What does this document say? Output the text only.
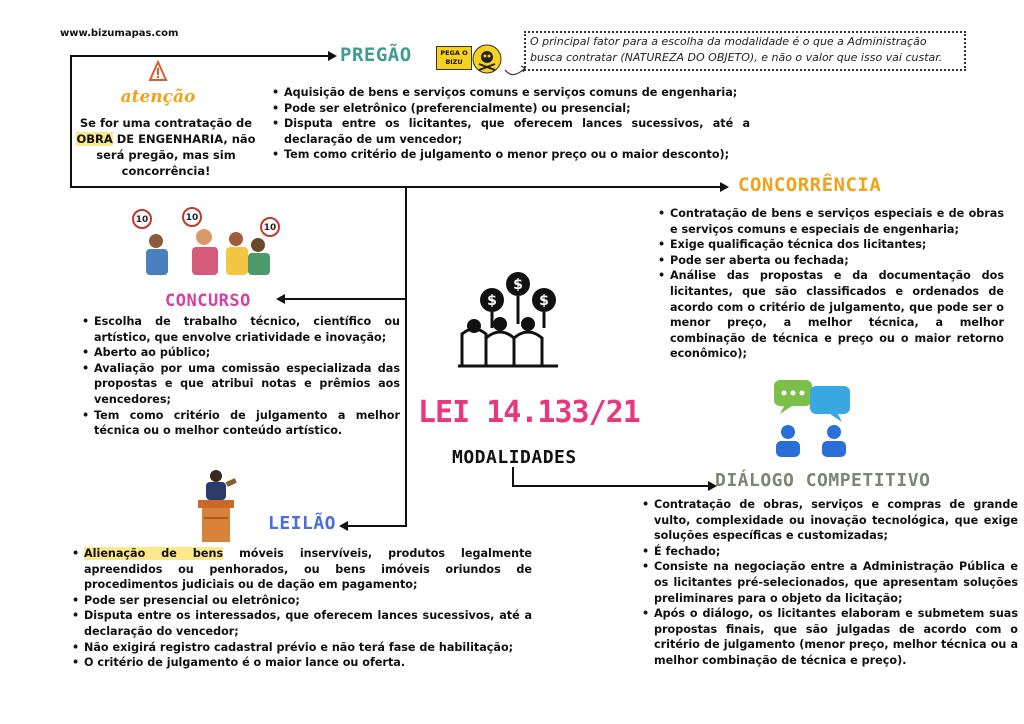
www.bizumapas.com
atenção
Se for uma contratação de OBRA DE ENGENHARIA, não será pregão, mas sim concorrência!
PREGÃO	PEGA O
BIZU
O principal fator para a escolha da modalidade é o que a Administração busca contratar (NATUREZA DO OBJETO), e não o valor que isso vai custar.
• Aquisição de bens e serviços comuns e serviços comuns de engenharia;
• Pode ser eletrônico (preferencialmente) ou presencial;
• Disputa entre os licitantes, que oferecem lances sucessivos, até a declaração de um vencedor;
• Tem como critério de julgamento o menor preço ou o maior desconto);
CONCORRÊNCIA
• Contratação de bens e serviços especiais e de obras e serviços comuns e especiais de engenharia;
• Exige qualificação técnica dos licitantes;
• Pode ser aberta ou fechada;
• Análise das propostas e da documentação dos licitantes, que são classificados e ordenados de acordo com o critério de julgamento, que pode ser o menor preço, a melhor técnica, a melhor combinação de técnica e preço ou o maior retorno econômico);
10	10
10
CONCURSO
• Escolha de trabalho técnico, científico ou artístico, que envolve criatividade e inovação;
• Aberto ao público;
• Avaliação por uma comissão especializada das propostas e que atribui notas e prêmios aos vencedores;
• Tem como critério de julgamento a melhor técnica ou o melhor conteúdo artístico.
$
$
$
LEI 14.133/21
MODALIDADES
DIÁLOGO COMPETITIVO
• Contratação de obras, serviços e compras de grande vulto, complexidade ou inovação tecnológica, que exige soluções específicas e customizadas;
• É fechado;
• Consiste na negociação entre a Administração Pública e os licitantes pré-selecionados, que apresentam soluções preliminares para o objeto da licitação;
• Após o diálogo, os licitantes elaboram e submetem suas propostas finais, que são julgadas de acordo com o critério de julgamento (menor preço, melhor técnica ou a melhor combinação de técnica e preço).
LEILÃO
• Alienação de bens móveis inservíveis, produtos legalmente apreendidos ou penhorados, ou bens imóveis oriundos de procedimentos judiciais ou de dação em pagamento;
• Pode ser presencial ou eletrônico;
• Disputa entre os interessados, que oferecem lances sucessivos, até a declaração do vencedor;
• Não exigirá registro cadastral prévio e não terá fase de habilitação;
• O critério de julgamento é o maior lance ou oferta.
